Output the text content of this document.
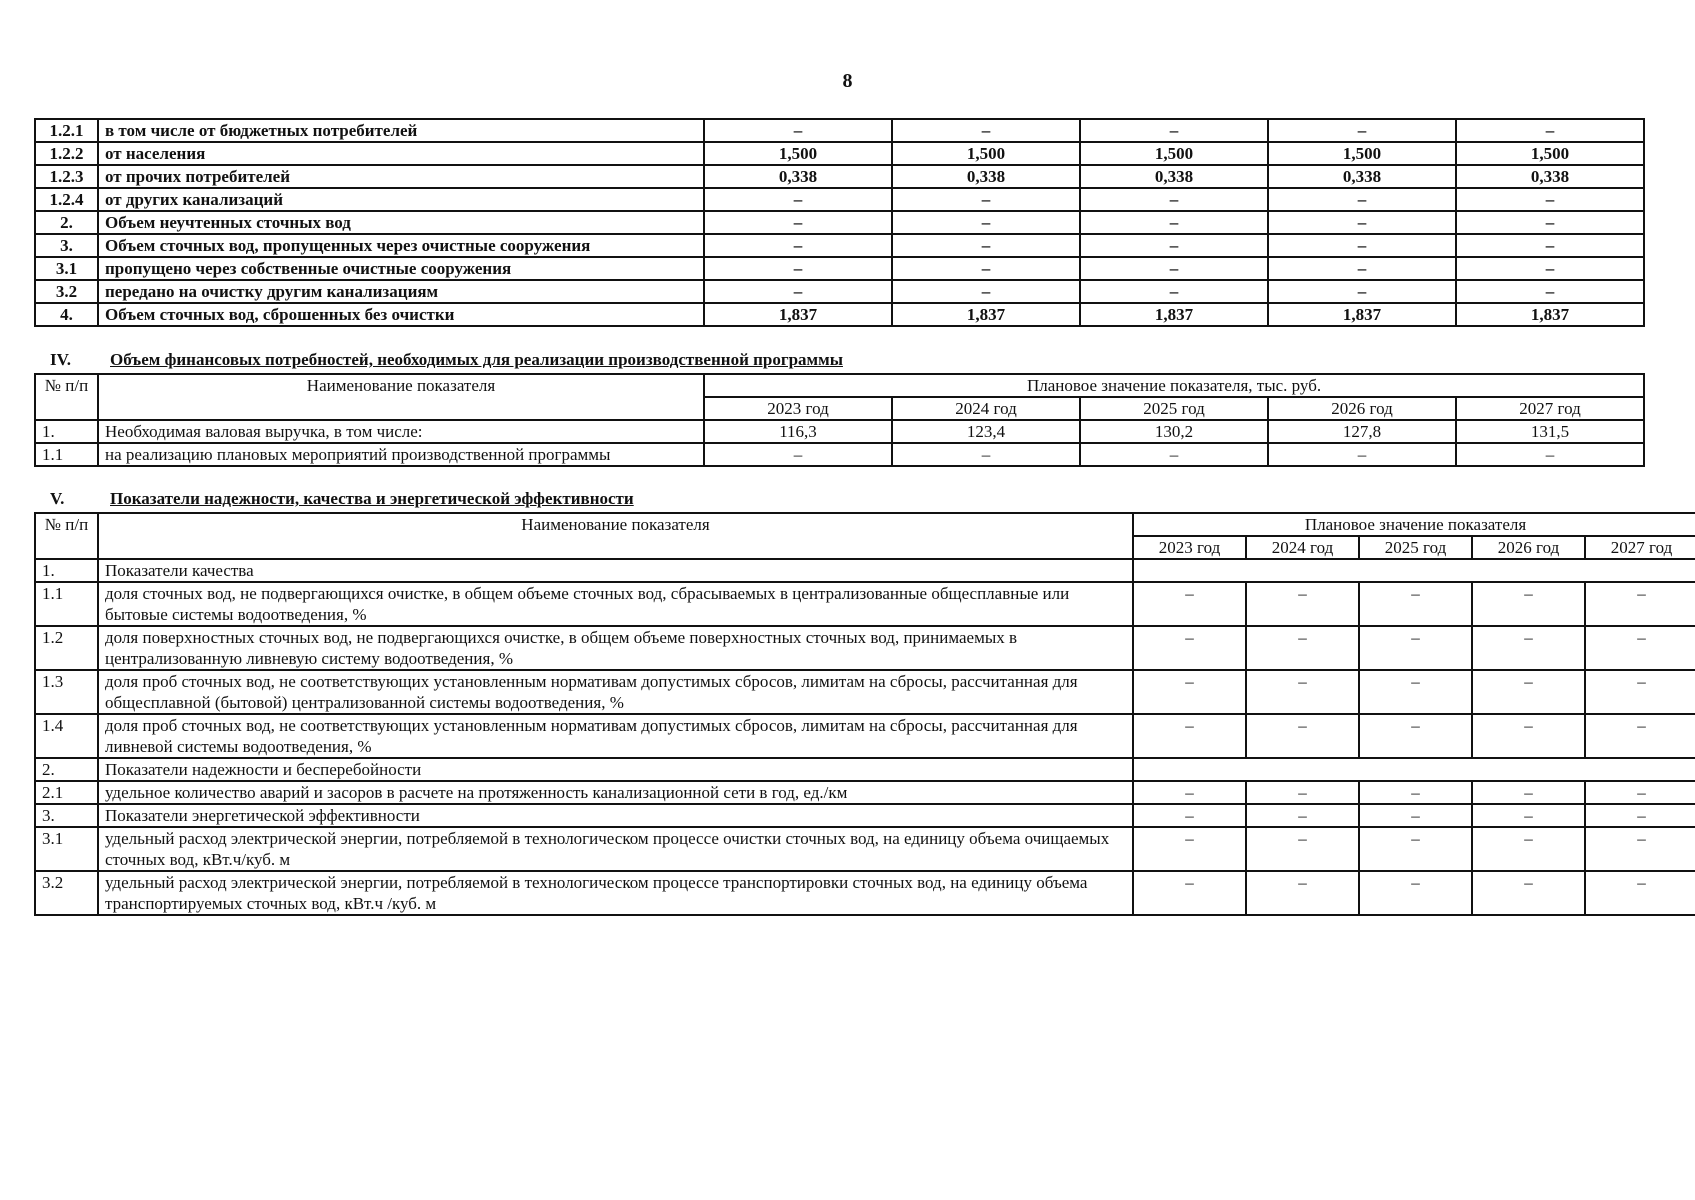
8
1.2.1	в том числе от бюджетных потребителей	–	–	–	–	–
1.2.2	от населения	1,500	1,500	1,500	1,500	1,500
1.2.3	от прочих потребителей	0,338	0,338	0,338	0,338	0,338
1.2.4	от других канализаций	–	–	–	–	–
2.	Объем неучтенных сточных вод	–	–	–	–	–
3.	Объем сточных вод, пропущенных через очистные сооружения	–	–	–	–	–
3.1	пропущено через собственные очистные сооружения	–	–	–	–	–
3.2	передано на очистку другим канализациям	–	–	–	–	–
4.	Объем сточных вод, сброшенных без очистки	1,837	1,837	1,837	1,837	1,837
IV. Объем финансовых потребностей, необходимых для реализации производственной программы
№ п/п	Наименование показателя	Плановое значение показателя, тыс. руб.				
		2023 год	2024 год	2025 год	2026 год	2027 год
1.	Необходимая валовая выручка, в том числе:	116,3	123,4	130,2	127,8	131,5
1.1	на реализацию плановых мероприятий производственной программы	–	–	–	–	–
V.	Показатели надежности, качества и энергетической эффективности
№ п/п	Наименование показателя	Плановое значение показателя				
		2023 год	2024 год	2025 год	2026 год	2027 год
1.	Показатели качества					
1.1	доля сточных вод, не подвергающихся очистке, в общем объеме сточных вод, сбрасываемых в централизованные общесплавные или бытовые системы водоотведения, %	–	–	–	–	–
1.2	доля поверхностных сточных вод, не подвергающихся очистке, в общем объеме поверхностных сточных вод, принимаемых в централизованную ливневую систему водоотведения, %	–	–	–	–	–
1.3	доля проб сточных вод, не соответствующих установленным нормативам допустимых сбросов, лимитам на сбросы, рассчитанная для общесплавной (бытовой) централизованной системы водоотведения, %	–	–	–	–	–
1.4	доля проб сточных вод, не соответствующих установленным нормативам допустимых сбросов, лимитам на сбросы, рассчитанная для ливневой системы водоотведения, %	–	–	–	–	–
2.	Показатели надежности и бесперебойности					
2.1	удельное количество аварий и засоров в расчете на протяженность канализационной сети в год, ед./км	–	–	–	–	–
3.	Показатели энергетической эффективности	–	–	–	–	–
3.1	удельный расход электрической энергии, потребляемой в технологическом процессе очистки сточных вод, на единицу объема очищаемых сточных вод, кВт.ч/куб. м	–	–	–	–	–
3.2	удельный расход электрической энергии, потребляемой в технологическом процессе транспортировки сточных вод, на единицу объема транспортируемых сточных вод, кВт.ч /куб. м	–	–	–	–	–
